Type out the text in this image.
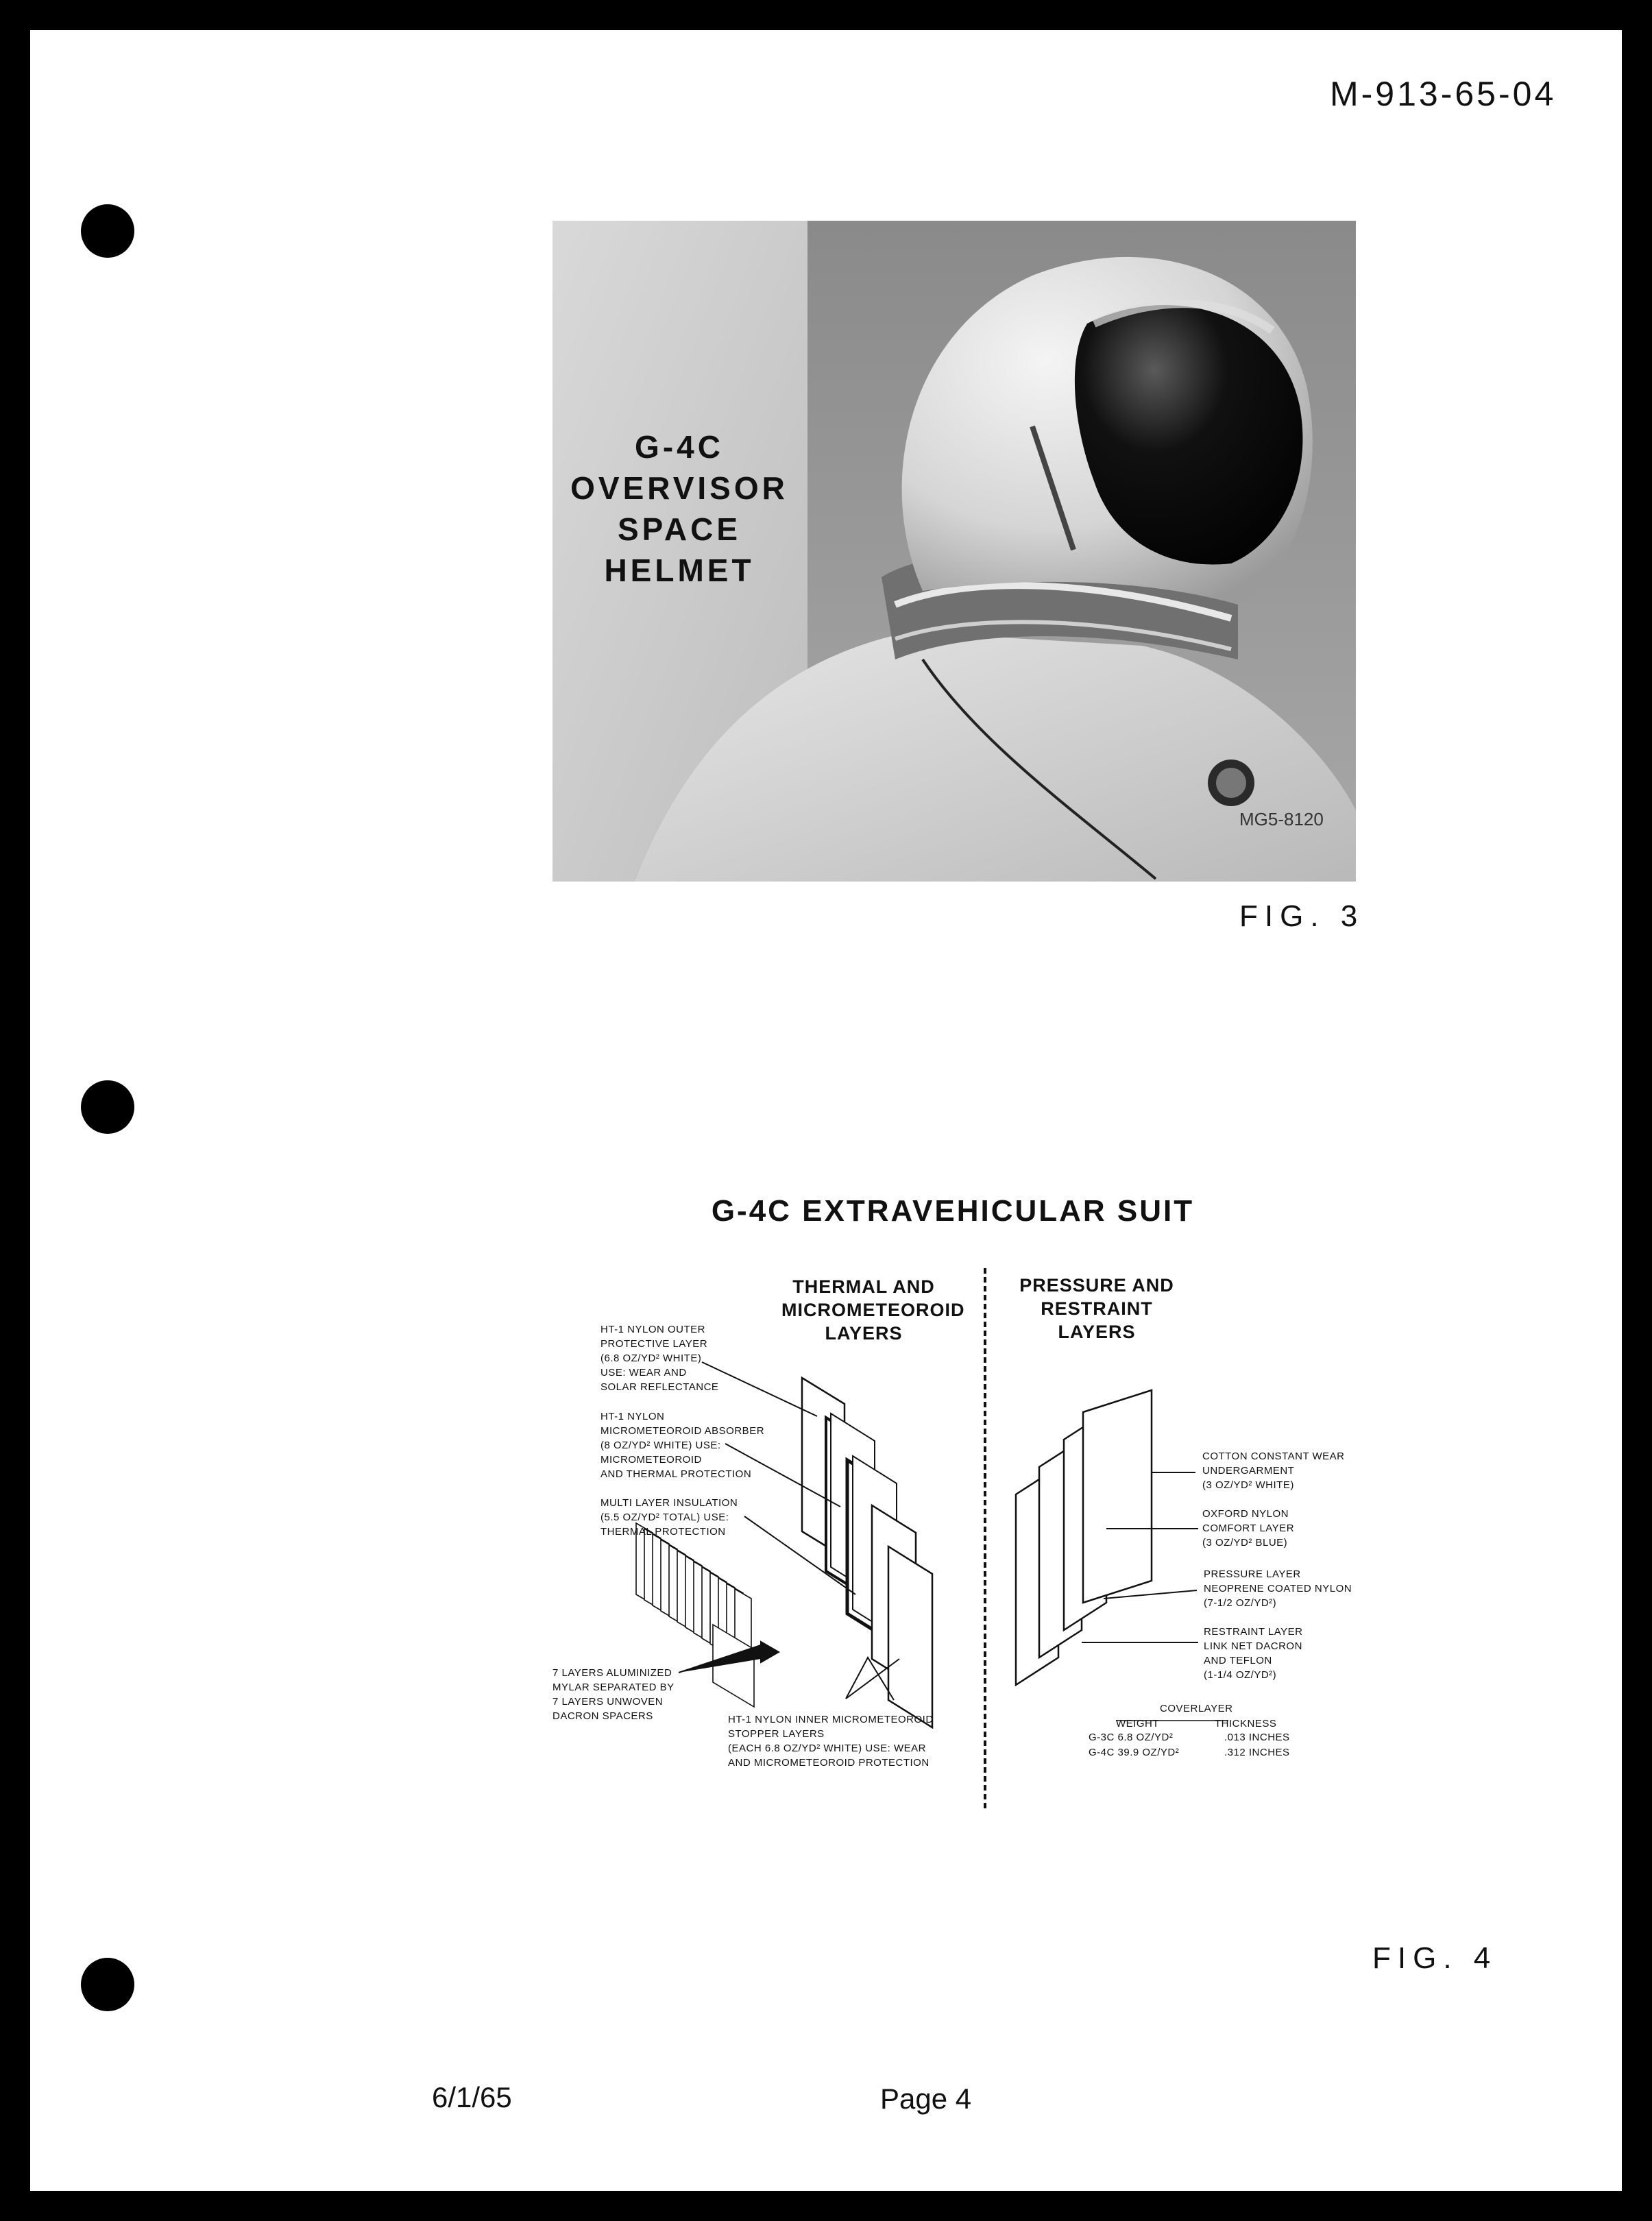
M-913-65-04
G-4C
OVERVISOR
SPACE
HELMET
MG5-8120
FIG. 3
G-4C EXTRAVEHICULAR SUIT
THERMAL AND
MICROMETEOROID
LAYERS
PRESSURE AND
RESTRAINT
LAYERS
HT-1 NYLON OUTER
PROTECTIVE LAYER
(6.8 OZ/YD² WHITE)
USE: WEAR AND
SOLAR REFLECTANCE
HT-1 NYLON
MICROMETEOROID ABSORBER
(8 OZ/YD² WHITE) USE:
MICROMETEOROID
AND THERMAL PROTECTION
MULTI LAYER INSULATION
(5.5 OZ/YD² TOTAL) USE:
THERMAL PROTECTION
7 LAYERS ALUMINIZED
MYLAR SEPARATED BY
7 LAYERS UNWOVEN
DACRON SPACERS	HT-1 NYLON INNER MICROMETEOROID
STOPPER LAYERS
(EACH 6.8 OZ/YD² WHITE) USE: WEAR
AND MICROMETEOROID PROTECTION
COTTON CONSTANT WEAR
UNDERGARMENT
(3 OZ/YD² WHITE)
OXFORD NYLON
COMFORT LAYER
(3 OZ/YD² BLUE)
PRESSURE LAYER
NEOPRENE COATED NYLON
(7-1/2 OZ/YD²)
RESTRAINT LAYER
LINK NET DACRON
AND TEFLON
(1-1/4 OZ/YD²)
COVERLAYER
WEIGHT	THICKNESS
G-3C 6.8 OZ/YD²	.013 INCHES
G-4C 39.9 OZ/YD²	.312 INCHES
FIG. 4
6/1/65	Page 4
